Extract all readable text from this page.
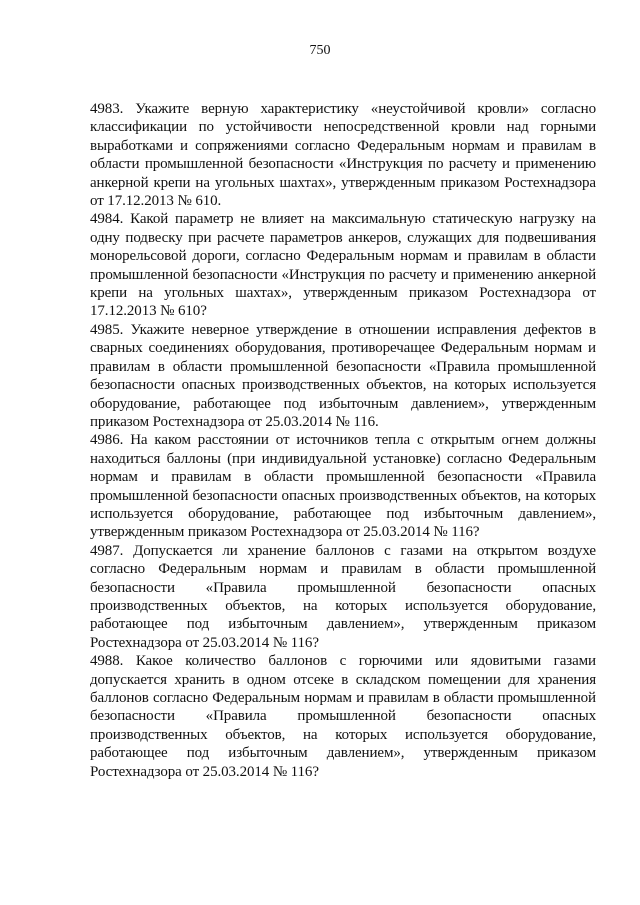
750

4983. Укажите верную характеристику «неустойчивой кровли» согласно классификации по устойчивости непосредственной кровли над горными выработками и сопряжениями согласно Федеральным нормам и правилам в области промышленной безопасности «Инструкция по расчету и применению анкерной крепи на угольных шахтах», утвержденным приказом Ростехнадзора от 17.12.2013 № 610.

4984. Какой параметр не влияет на максимальную статическую нагрузку на одну подвеску при расчете параметров анкеров, служащих для подвешивания монорельсовой дороги, согласно Федеральным нормам и правилам в области промышленной безопасности «Инструкция по расчету и применению анкерной крепи на угольных шахтах», утвержденным приказом Ростехнадзора от 17.12.2013 № 610?

4985. Укажите неверное утверждение в отношении исправления дефектов в сварных соединениях оборудования, противоречащее Федеральным нормам и правилам в области промышленной безопасности «Правила промышленной безопасности опасных производственных объектов, на которых используется оборудование, работающее под избыточным давлением», утвержденным приказом Ростехнадзора от 25.03.2014 № 116.

4986. На каком расстоянии от источников тепла с открытым огнем должны находиться баллоны (при индивидуальной установке) согласно Федеральным нормам и правилам в области промышленной безопасности «Правила промышленной безопасности опасных производственных объектов, на которых используется оборудование, работающее под избыточным давлением», утвержденным приказом Ростехнадзора от 25.03.2014 № 116?

4987. Допускается ли хранение баллонов с газами на открытом воздухе согласно Федеральным нормам и правилам в области промышленной безопасности «Правила промышленной безопасности опасных производственных объектов, на которых используется оборудование, работающее под избыточным давлением», утвержденным приказом Ростехнадзора от 25.03.2014 № 116?

4988. Какое количество баллонов с горючими или ядовитыми газами допускается хранить в одном отсеке в складском помещении для хранения баллонов согласно Федеральным нормам и правилам в области промышленной безопасности «Правила промышленной безопасности опасных производственных объектов, на которых используется оборудование, работающее под избыточным давлением», утвержденным приказом Ростехнадзора от 25.03.2014 № 116?
